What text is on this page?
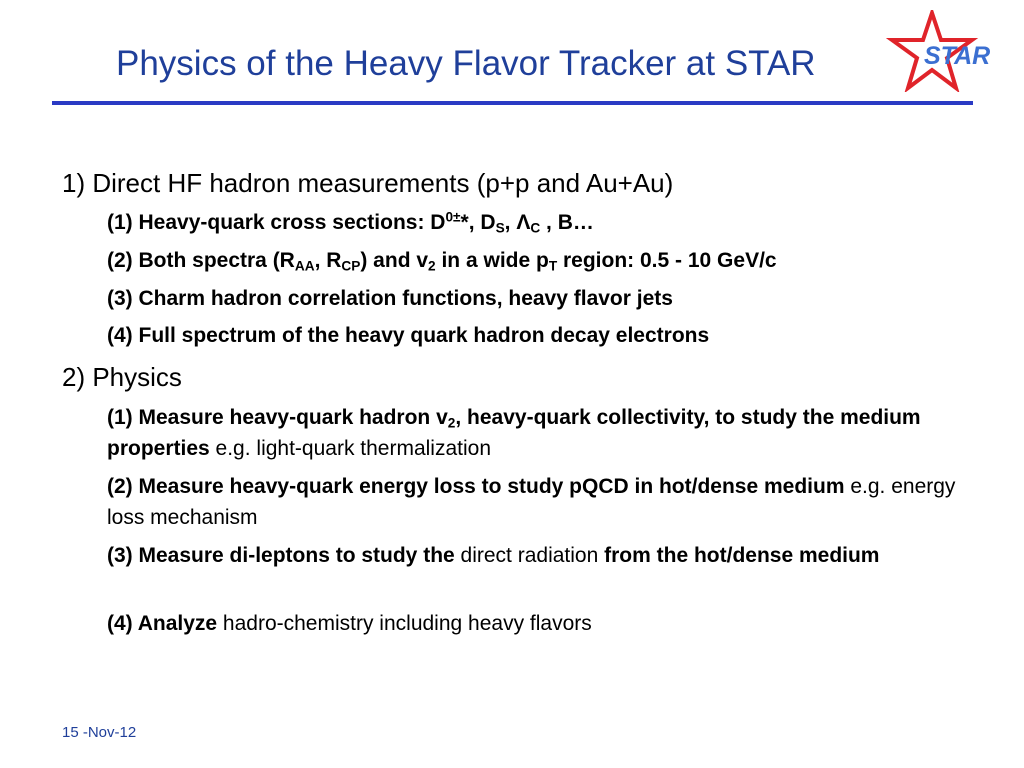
Physics of the Heavy Flavor Tracker at STAR	STAR
1) Direct HF hadron measurements (p+p and Au+Au)
(1) Heavy-quark cross sections: $D^{0\pm}*$, $D_S$, $\Lambda_C$ , B…
(2) Both spectra ($R_{AA}$, $R_{CP}$) and $v_2$ in a wide $p_T$ region: 0.5 - 10 GeV/c
(3) Charm hadron correlation functions, heavy flavor jets
(4) Full spectrum of the heavy quark hadron decay electrons
2) Physics
(1) Measure heavy-quark hadron $v_2$, heavy-quark collectivity, to study the medium properties e.g. light-quark thermalization
(2) Measure heavy-quark energy loss to study pQCD in hot/dense medium e.g. energy loss mechanism
(3) Measure di-leptons to study the direct radiation from the hot/dense medium
(4) Analyze hadro-chemistry including heavy flavors
15 -Nov-12
